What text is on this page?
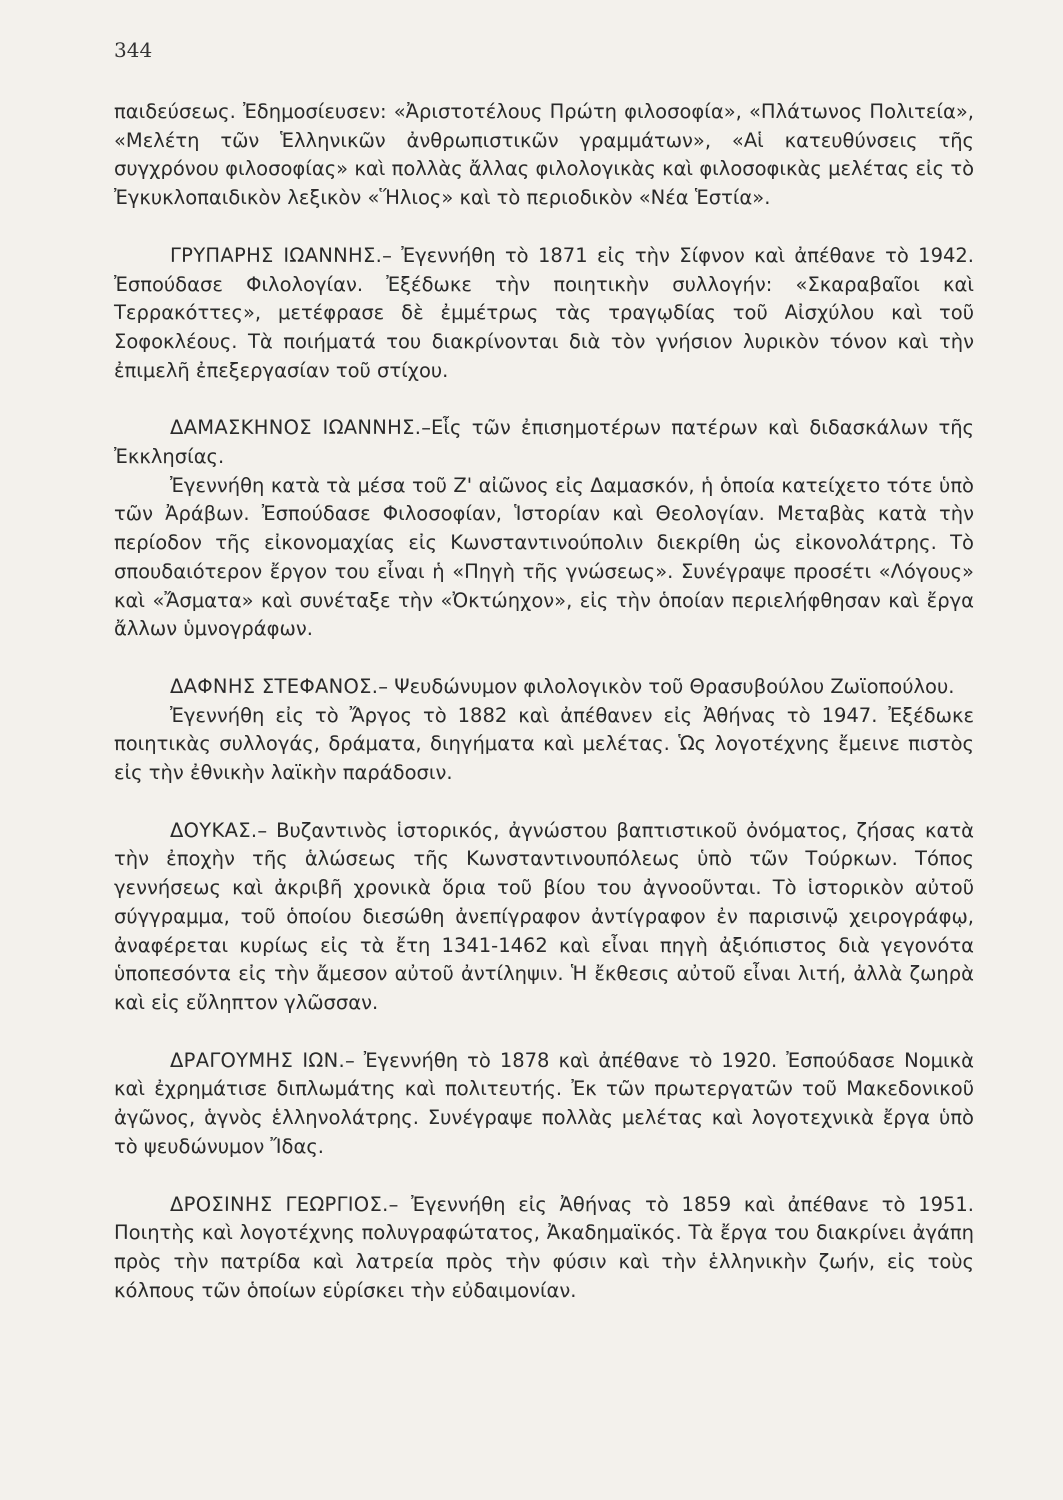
344

παιδεύσεως. Ἐδημοσίευσεν: «Ἀριστοτέλους Πρώτη φιλοσοφία», «Πλάτωνος Πολιτεία», «Μελέτη τῶν Ἑλληνικῶν ἀνθρωπιστικῶν γραμμάτων», «Αἱ κατευθύνσεις τῆς συγχρόνου φιλοσοφίας» καὶ πολλὰς ἄλλας φιλολογικὰς καὶ φιλοσοφικὰς μελέτας εἰς τὸ Ἐγκυκλοπαιδικὸν λεξικὸν «Ἥλιος» καὶ τὸ περιοδικὸν «Νέα Ἑστία».

ΓΡΥΠΑΡΗΣ ΙΩΑΝΝΗΣ.– Ἐγεννήθη τὸ 1871 εἰς τὴν Σίφνον καὶ ἀπέθανε τὸ 1942. Ἐσπούδασε Φιλολογίαν. Ἐξέδωκε τὴν ποιητικὴν συλλογήν: «Σκαραβαῖοι καὶ Τερρακόττες», μετέφρασε δὲ ἐμμέτρως τὰς τραγῳδίας τοῦ Αἰσχύλου καὶ τοῦ Σοφοκλέους. Τὰ ποιήματά του διακρίνονται διὰ τὸν γνήσιον λυρικὸν τόνον καὶ τὴν ἐπιμελῆ ἐπεξεργασίαν τοῦ στίχου.

ΔΑΜΑΣΚΗΝΟΣ ΙΩΑΝΝΗΣ.–Εἷς τῶν ἐπισημοτέρων πατέρων καὶ διδασκάλων τῆς Ἐκκλησίας.

Ἐγεννήθη κατὰ τὰ μέσα τοῦ Ζ' αἰῶνος εἰς Δαμασκόν, ἡ ὁποία κατείχετο τότε ὑπὸ τῶν Ἀράβων. Ἐσπούδασε Φιλοσοφίαν, Ἱστορίαν καὶ Θεολογίαν. Μεταβὰς κατὰ τὴν περίοδον τῆς εἰκονομαχίας εἰς Κωνσταντινούπολιν διεκρίθη ὡς εἰκονολάτρης. Τὸ σπουδαιότερον ἔργον του εἶναι ἡ «Πηγὴ τῆς γνώσεως». Συνέγραψε προσέτι «Λόγους» καὶ «Ἄσματα» καὶ συνέταξε τὴν «Ὀκτώηχον», εἰς τὴν ὁποίαν περιελήφθησαν καὶ ἔργα ἄλλων ὑμνογράφων.

ΔΑΦΝΗΣ ΣΤΕΦΑΝΟΣ.– Ψευδώνυμον φιλολογικὸν τοῦ Θρασυβούλου Ζωϊοπούλου.

Ἐγεννήθη εἰς τὸ Ἄργος τὸ 1882 καὶ ἀπέθανεν εἰς Ἀθήνας τὸ 1947. Ἐξέδωκε ποιητικὰς συλλογάς, δράματα, διηγήματα καὶ μελέτας. Ὡς λογοτέχνης ἔμεινε πιστὸς εἰς τὴν ἐθνικὴν λαϊκὴν παράδοσιν.

ΔΟΥΚΑΣ.– Βυζαντινὸς ἱστορικός, ἀγνώστου βαπτιστικοῦ ὀνόματος, ζήσας κατὰ τὴν ἐποχὴν τῆς ἁλώσεως τῆς Κωνσταντινουπόλεως ὑπὸ τῶν Τούρκων. Τόπος γεννήσεως καὶ ἀκριβῆ χρονικὰ ὅρια τοῦ βίου του ἀγνοοῦνται. Τὸ ἱστορικὸν αὐτοῦ σύγγραμμα, τοῦ ὁποίου διεσώθη ἀνεπίγραφον ἀντίγραφον ἐν παρισινῷ χειρογράφῳ, ἀναφέρεται κυρίως εἰς τὰ ἔτη 1341-1462 καὶ εἶναι πηγὴ ἀξιόπιστος διὰ γεγονότα ὑποπεσόντα εἰς τὴν ἄμεσον αὐτοῦ ἀντίληψιν. Ἡ ἔκθεσις αὐτοῦ εἶναι λιτή, ἀλλὰ ζωηρὰ καὶ εἰς εὔληπτον γλῶσσαν.

ΔΡΑΓΟΥΜΗΣ ΙΩΝ.– Ἐγεννήθη τὸ 1878 καὶ ἀπέθανε τὸ 1920. Ἐσπούδασε Νομικὰ καὶ ἐχρημάτισε διπλωμάτης καὶ πολιτευτής. Ἐκ τῶν πρωτεργατῶν τοῦ Μακεδονικοῦ ἀγῶνος, ἁγνὸς ἑλληνολάτρης. Συνέγραψε πολλὰς μελέτας καὶ λογοτεχνικὰ ἔργα ὑπὸ τὸ ψευδώνυμον Ἴδας.

ΔΡΟΣΙΝΗΣ ΓΕΩΡΓΙΟΣ.– Ἐγεννήθη εἰς Ἀθήνας τὸ 1859 καὶ ἀπέθανε τὸ 1951. Ποιητὴς καὶ λογοτέχνης πολυγραφώτατος, Ἀκαδημαϊκός. Τὰ ἔργα του διακρίνει ἀγάπη πρὸς τὴν πατρίδα καὶ λατρεία πρὸς τὴν φύσιν καὶ τὴν ἑλληνικὴν ζωήν, εἰς τοὺς κόλπους τῶν ὁποίων εὑρίσκει τὴν εὐδαιμονίαν.
